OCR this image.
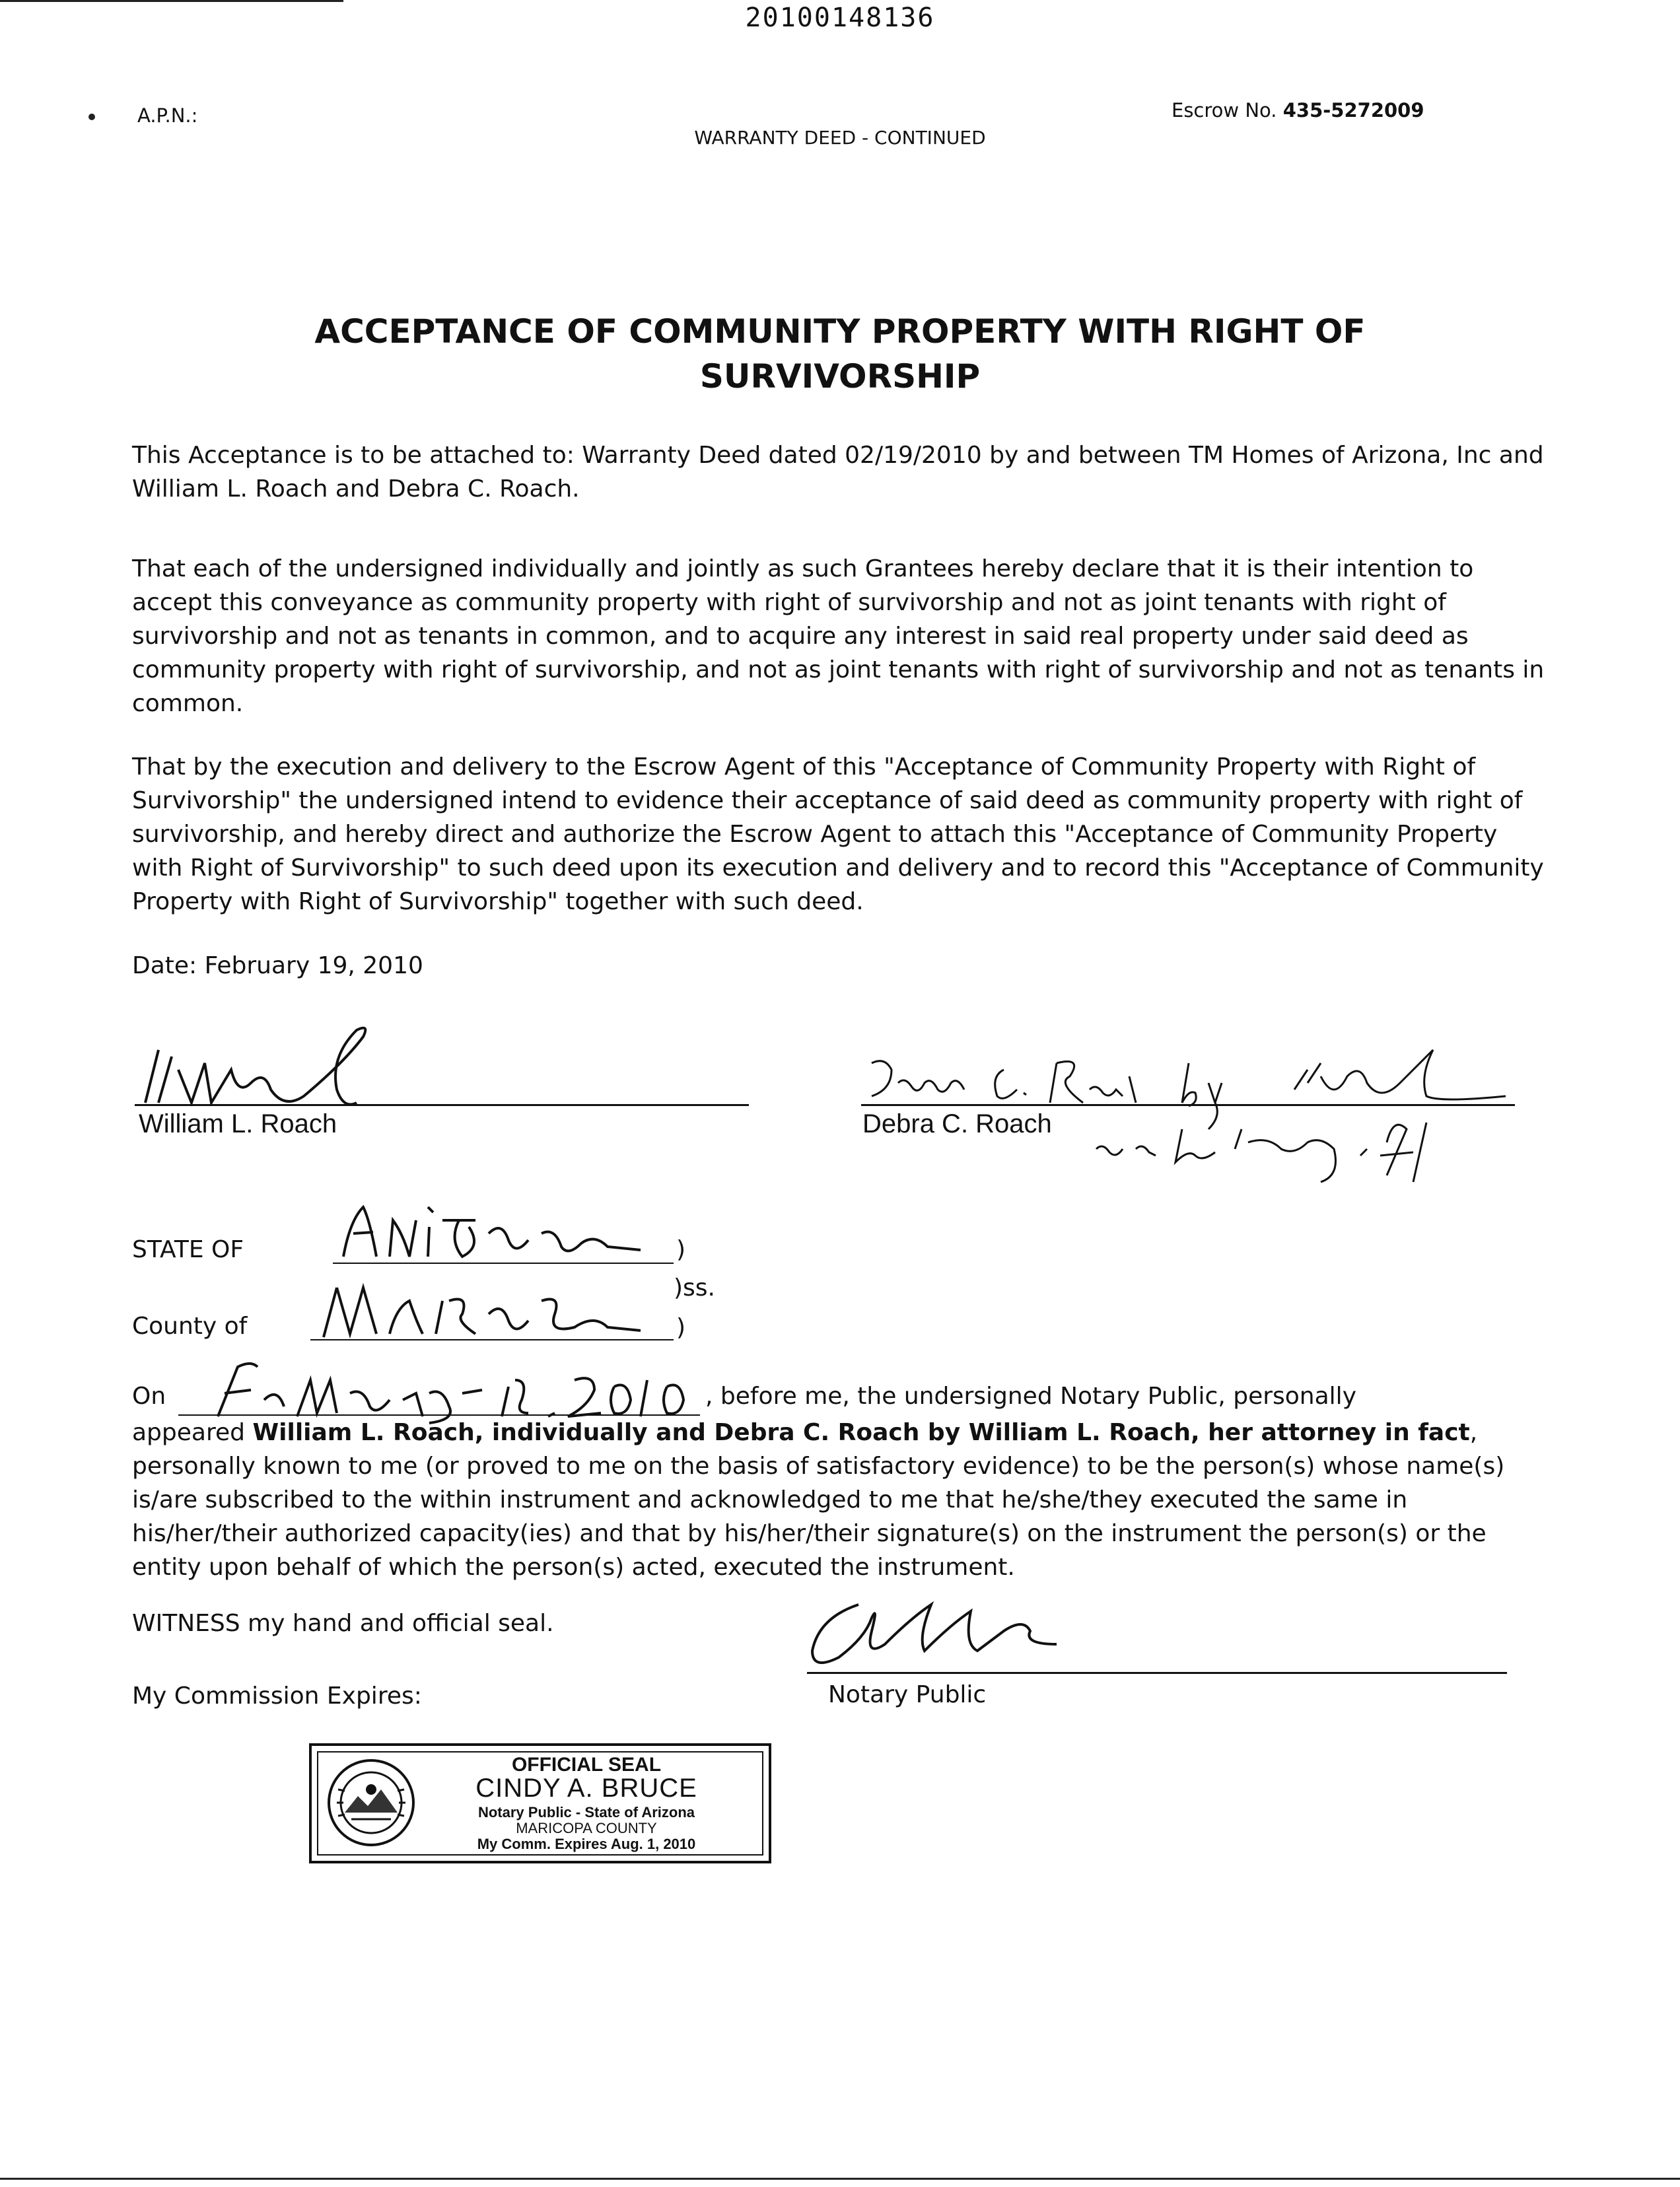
20100148136
A.P.N.:	Escrow No. 435-5272009
WARRANTY DEED - CONTINUED
ACCEPTANCE OF COMMUNITY PROPERTY WITH RIGHT OF
SURVIVORSHIP
This Acceptance is to be attached to: Warranty Deed dated 02/19/2010 by and between TM Homes of Arizona, Inc and William L. Roach and Debra C. Roach.
That each of the undersigned individually and jointly as such Grantees hereby declare that it is their intention to accept this conveyance as community property with right of survivorship and not as joint tenants with right of survivorship and not as tenants in common, and to acquire any interest in said real property under said deed as community property with right of survivorship, and not as joint tenants with right of survivorship and not as tenants in common.
That by the execution and delivery to the Escrow Agent of this "Acceptance of Community Property with Right of Survivorship" the undersigned intend to evidence their acceptance of said deed as community property with right of survivorship, and hereby direct and authorize the Escrow Agent to attach this "Acceptance of Community Property with Right of Survivorship" to such deed upon its execution and delivery and to record this "Acceptance of Community Property with Right of Survivorship" together with such deed.
Date: February 19, 2010
William L. Roach	Debra C. Roach
STATE OF	)
)ss.
County of	)
On	, before me, the undersigned Notary Public, personally
appeared William L. Roach, individually and Debra C. Roach by William L. Roach, her attorney in fact, personally known to me (or proved to me on the basis of satisfactory evidence) to be the person(s) whose name(s) is/are subscribed to the within instrument and acknowledged to me that he/she/they executed the same in his/her/their authorized capacity(ies) and that by his/her/their signature(s) on the instrument the person(s) or the entity upon behalf of which the person(s) acted, executed the instrument.
WITNESS my hand and official seal.
My Commission Expires:	Notary Public
OFFICIAL SEAL
CINDY A. BRUCE
Notary Public - State of Arizona
MARICOPA COUNTY
My Comm. Expires Aug. 1, 2010
